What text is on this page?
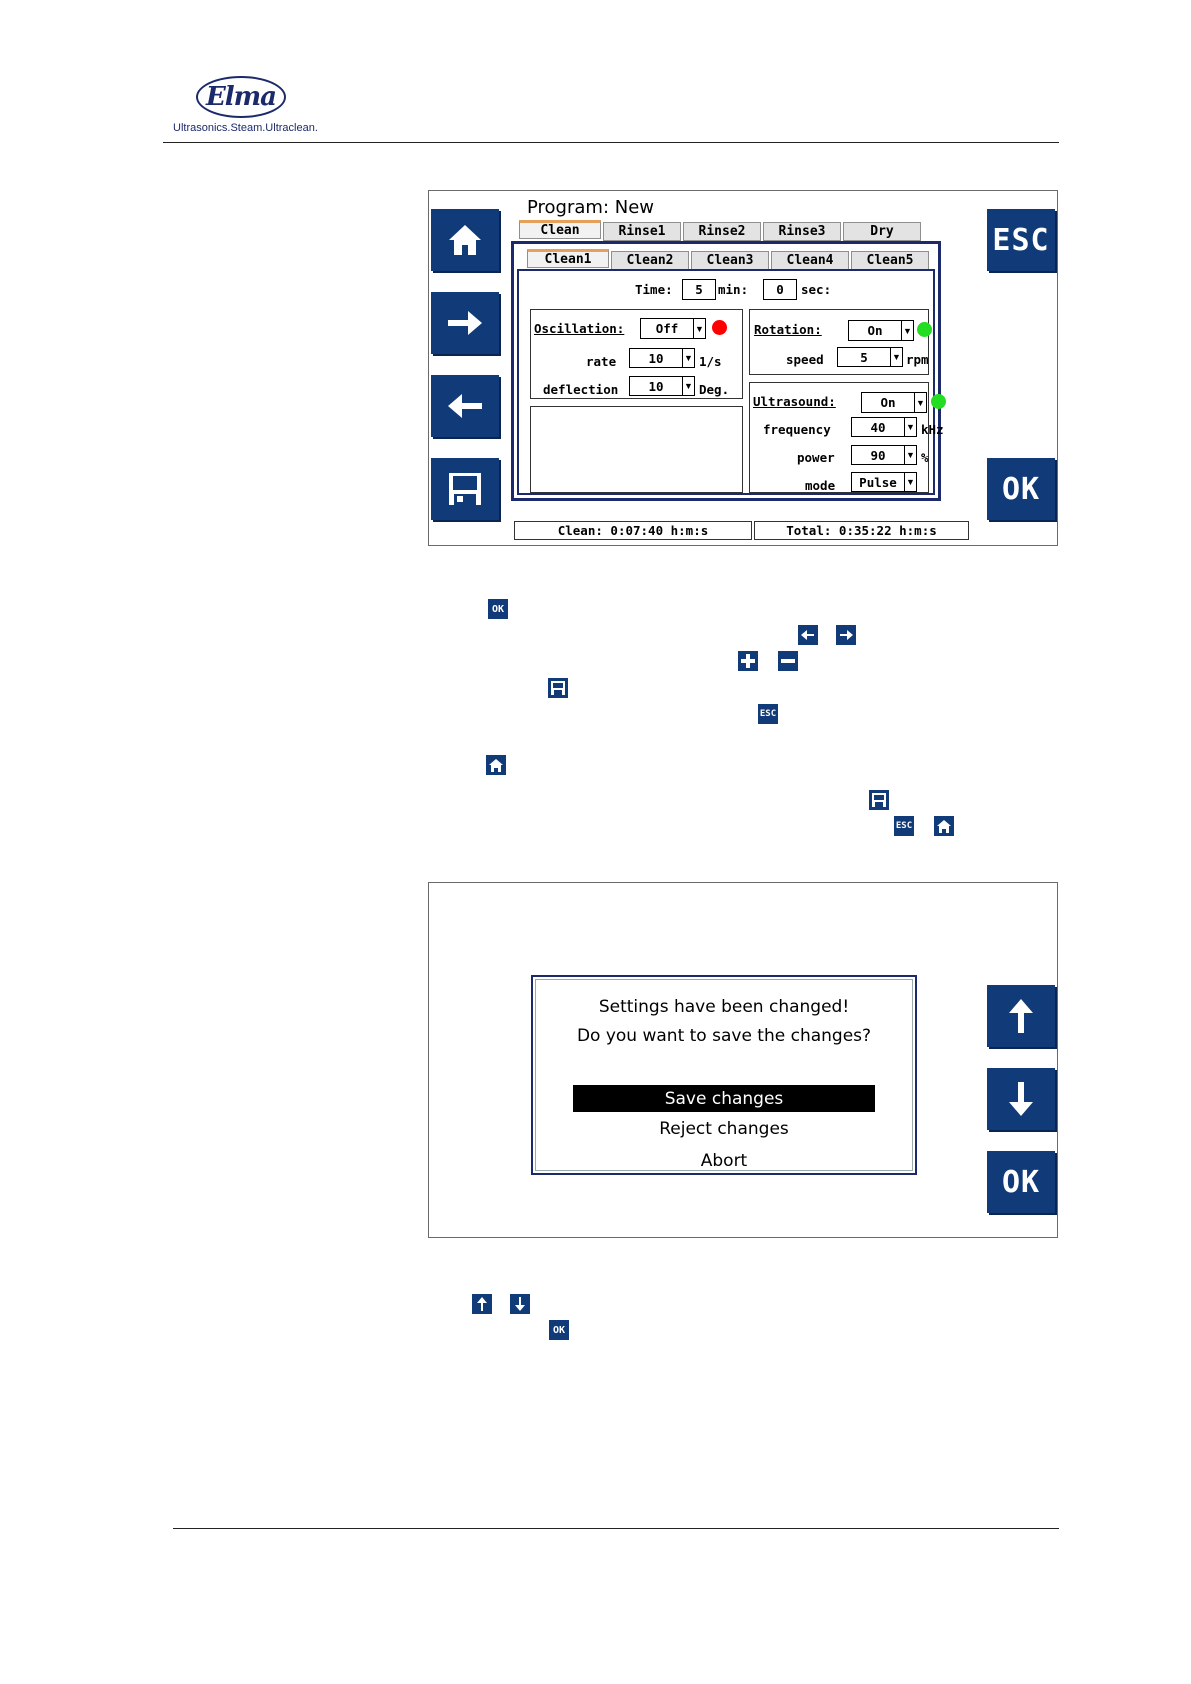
Elma
Ultrasonics.Steam.Ultraclean.
ESC
OK
Program: New
Clean	Rinse1	Rinse2	Rinse3	Dry
Clean1	Clean2	Clean3	Clean4	Clean5
Time:	5	min:	0	sec:
Oscillation:	Off	▼
rate	10	▼ 1/s
deflection	10	▼ Deg.
Rotation:	On	▼
speed	5	▼ rpm
Ultrasound:	On	▼
frequency	40	▼ kHz
power	90	▼ %
mode	Pulse	▼
Clean: 0:07:40 h:m:s	Total: 0:35:22 h:m:s
OK
ESC
ESC
Settings have been changed!
Do you want to save the changes?
Save changes
Reject changes
Abort
OK
OK
